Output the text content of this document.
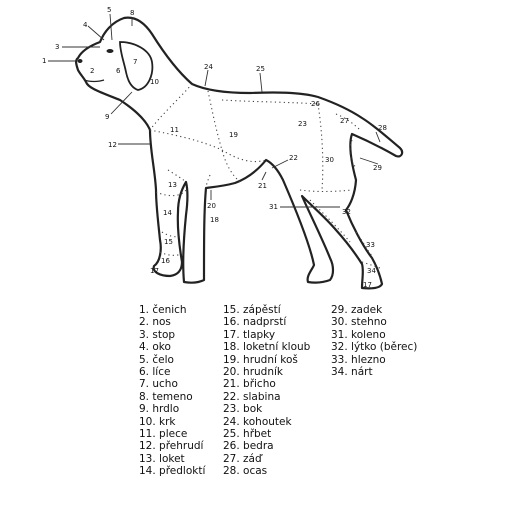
1
2
3
4
5
6
7
8
9
10
11
12
13
14
15
16
17
17
18
19
20
21
22
23
24	25
26
27
28
29
30
31
32
33
34
1. čenich
2. nos
3. stop
4. oko
5. čelo
6. líce
7. ucho
8. temeno
9. hrdlo
10. krk
11. plece
12. přehrudí
13. loket
14. předloktí
15. zápěstí
16. nadprstí
17. tlapky
18. loketní kloub
19. hrudní koš
20. hrudník
21. břicho
22. slabina
23. bok
24. kohoutek
25. hřbet
26. bedra
27. záď
28. ocas
29. zadek
30. stehno
31. koleno
32. lýtko (běrec)
33. hlezno
34. nárt
